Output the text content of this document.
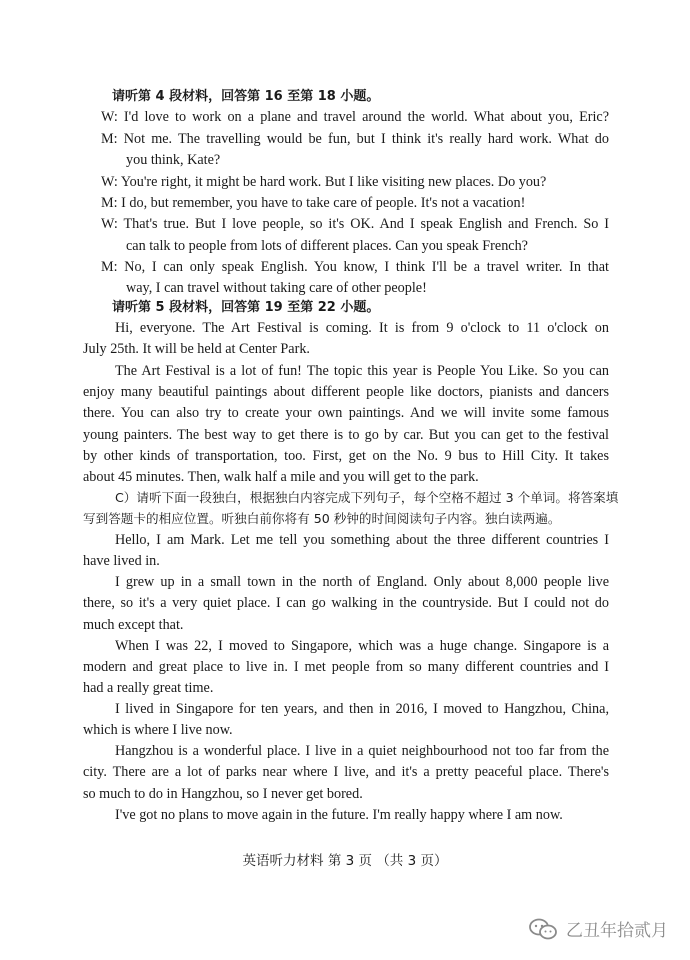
请听第 4 段材料，回答第 16 至第 18 小题。
W: I'd love to work on a plane and travel around the world. What about you, Eric?
M: Not me. The travelling would be fun, but I think it's really hard work. What do
you think, Kate?
W: You're right, it might be hard work. But I like visiting new places. Do you?
M: I do, but remember, you have to take care of people. It's not a vacation!
W: That's true. But I love people, so it's OK. And I speak English and French. So I
can talk to people from lots of different places. Can you speak French?
M: No, I can only speak English. You know, I think I'll be a travel writer. In that
way, I can travel without taking care of other people!
请听第 5 段材料，回答第 19 至第 22 小题。
Hi, everyone. The Art Festival is coming. It is from 9 o'clock to 11 o'clock on
July 25th. It will be held at Center Park.
The Art Festival is a lot of fun! The topic this year is People You Like. So you can
enjoy many beautiful paintings about different people like doctors, pianists and dancers
there. You can also try to create your own paintings. And we will invite some famous
young painters. The best way to get there is to go by car. But you can get to the festival
by other kinds of transportation, too. First, get on the No. 9 bus to Hill City. It takes
about 45 minutes. Then, walk half a mile and you will get to the park.
C）请听下面一段独白，根据独白内容完成下列句子，每个空格不超过 3 个单词。将答案填
写到答题卡的相应位置。听独白前你将有 50 秒钟的时间阅读句子内容。独白读两遍。
Hello, I am Mark. Let me tell you something about the three different countries I
have lived in.
I grew up in a small town in the north of England. Only about 8,000 people live
there, so it's a very quiet place. I can go walking in the countryside. But I could not do
much except that.
When I was 22, I moved to Singapore, which was a huge change. Singapore is a
modern and great place to live in. I met people from so many different countries and I
had a really great time.
I lived in Singapore for ten years, and then in 2016, I moved to Hangzhou, China,
which is where I live now.
Hangzhou is a wonderful place. I live in a quiet neighbourhood not too far from the
city. There are a lot of parks near where I live, and it's a pretty peaceful place. There's
so much to do in Hangzhou, so I never get bored.
I've got no plans to move again in the future. I'm really happy where I am now.
英语听力材料 第 3 页 （共 3 页）
乙丑年拾贰月
